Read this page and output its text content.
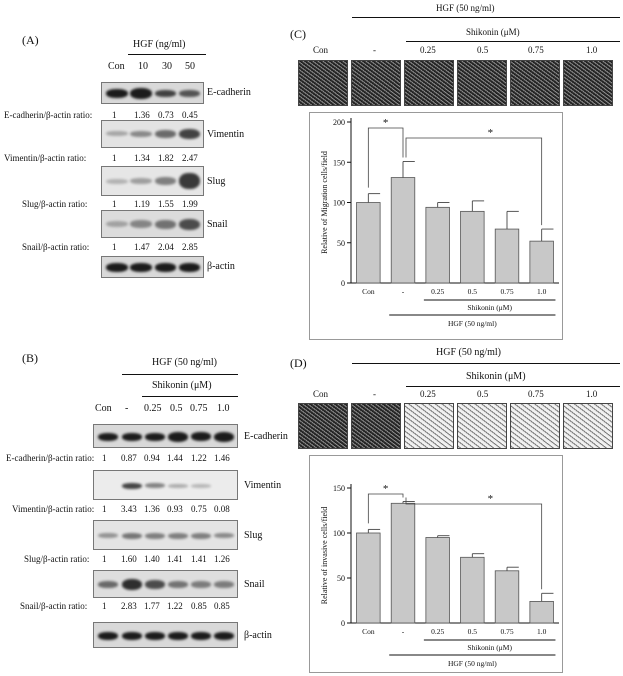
(A)	HGF (ng/ml)
Con 10 30 50
E-cadherin
E-cadherin/β-actin ratio: 1 1.36 0.73 0.45
Vimentin
Vimentin/β-actin ratio:	1 1.34 1.82 2.47
Slug
Slug/β-actin ratio:	1 1.19 1.55 1.99
Snail
Snail/β-actin ratio:	1 1.47 2.04 2.85
β-actin
(B)	HGF (50 ng/ml)
Shikonin (μM)
Con - 0.25 0.5 0.75 1.0
E-cadherin
E-cadherin/β-actin ratio: 1 0.87 0.94 1.44 1.22 1.46
Vimentin
Vimentin/β-actin ratio: 1 3.43 1.36 0.93 0.75 0.08
Slug
Slug/β-actin ratio: 1 1.60 1.40 1.41 1.41 1.26
Snail
Snail/β-actin ratio: 1 2.83 1.77 1.22 0.85 0.85
β-actin
(C)
HGF (50 ng/ml)
Shikonin (μM)
Con	-	0.25	0.5	0.75	1.0
0
50
100
150
200
Relative of Migration cells/field
Con	-	0.25	0.5	0.75	1.0
*
*
Shikonin (μM)
HGF (50 ng/ml)
(D)
HGF (50 ng/ml)
Shikonin (μM)
Con	-	0.25	0.5	0.75	1.0
0
50
100
150
Relative of invasive cells/field
Con	-	0.25	0.5	0.75	1.0
*
*
Shikonin (μM)
HGF (50 ng/ml)
